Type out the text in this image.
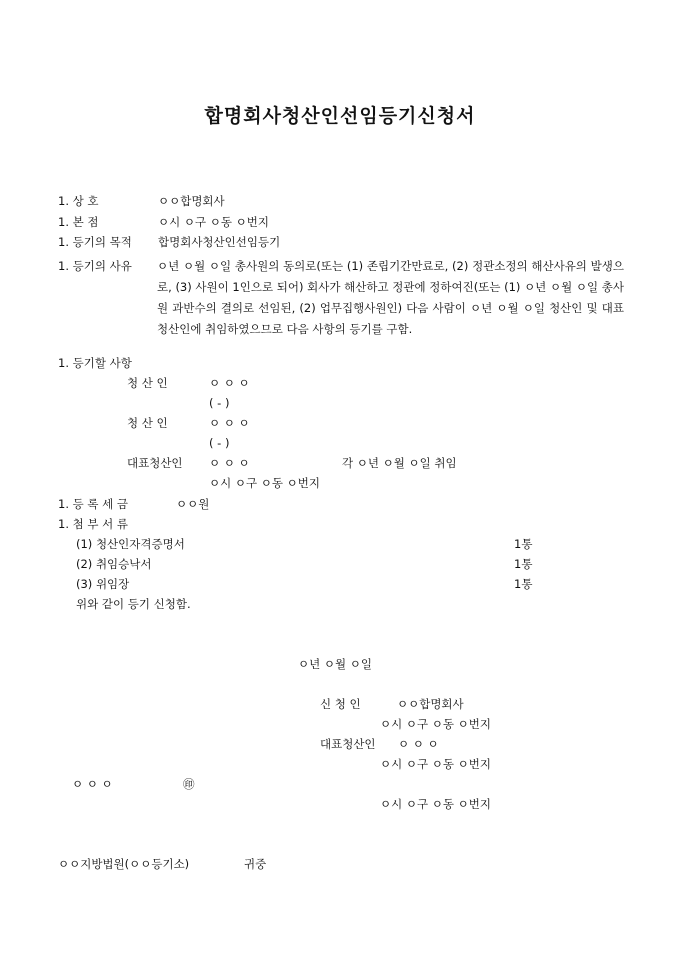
합명회사청산인선임등기신청서
1. 상 호	ㅇㅇ합명회사
1. 본 점	ㅇ시 ㅇ구 ㅇ동 ㅇ번지
1. 등기의 목적 합명회사청산인선임등기
1. 등기의 사유 ㅇ년 ㅇ월 ㅇ일 총사원의 동의로(또는 (1) 존립기간만료로, (2) 정관소정의 해산사유의 발생으로, (3) 사원이 1인으로 되어) 회사가 해산하고 정관에 정하여진(또는 (1) ㅇ년 ㅇ월 ㅇ일 총사원 과반수의 결의로 선임된, (2) 업무집행사원인) 다음 사람이 ㅇ년 ㅇ월 ㅇ일 청산인 및 대표청산인에 취임하였으므로 다음 사항의 등기를 구함.
1. 등기할 사항
청 산 인	ㅇ ㅇ ㅇ
( - )
청 산 인	ㅇ ㅇ ㅇ
( - )
대표청산인 ㅇ ㅇ ㅇ	각 ㅇ년 ㅇ월 ㅇ일 취임
ㅇ시 ㅇ구 ㅇ동 ㅇ번지
1. 등 록 세 금	ㅇㅇ원
1. 첨 부 서 류
(1) 청산인자격증명서	1통
(2) 취임승낙서	1통
(3) 위임장	1통
위와 같이 등기 신청함.
ㅇ년 ㅇ월 ㅇ일
신 청 인	ㅇㅇ합명회사
ㅇ시 ㅇ구 ㅇ동 ㅇ번지
대표청산인 ㅇ ㅇ ㅇ
ㅇ시 ㅇ구 ㅇ동 ㅇ번지
ㅇ ㅇ ㅇ	㊞
ㅇ시 ㅇ구 ㅇ동 ㅇ번지
ㅇㅇ지방법원(ㅇㅇ등기소)	귀중
